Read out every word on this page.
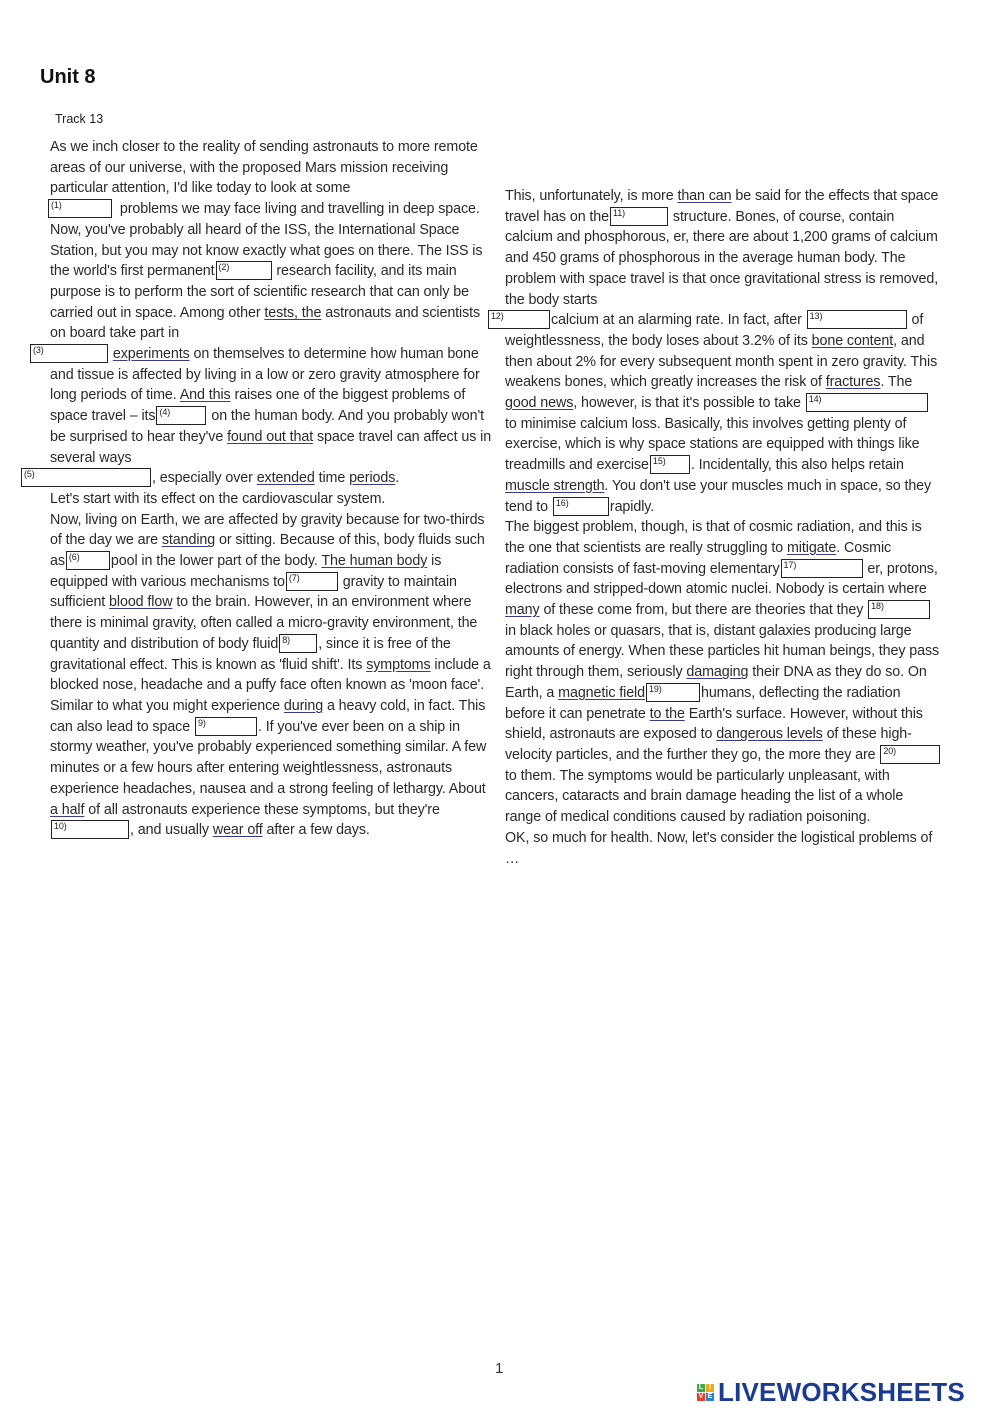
Unit 8
Track 13

As we inch closer to the reality of sending astronauts to more remote areas of our universe, with the proposed Mars mission receiving particular attention, I'd like today to look at some

(1)	problems we may face living and travelling in deep space.

Now, you've probably all heard of the ISS, the International Space Station, but you may not know exactly what goes on there. The ISS is the world's first permanent (2)	research facility, and its main purpose is to perform the sort of scientific research that can only be carried out in space. Among other tests, the astronauts and scientists on board take part in

(3)	experiments on themselves to determine how human bone and tissue is affected by living in a low or zero gravity atmosphere for long periods of time. And this raises one of the biggest problems of space travel – its (4)	on the human body. And you probably won't be surprised to hear they've found out that space travel can affect us in several ways

(5)	, especially over extended time periods.

Let's start with its effect on the cardiovascular system.

Now, living on Earth, we are affected by gravity because for two-thirds of the day we are standing or sitting. Because of this, body fluids such as (6) pool in the lower part of the body. The human body is equipped with various mechanisms to (7)	gravity to maintain sufficient blood flow to the brain. However, in an environment where there is minimal gravity, often called a micro-gravity environment, the quantity and distribution of body fluid 8) , since it is free of the gravitational effect. This is known as 'fluid shift'. Its symptoms include a blocked nose, headache and a puffy face often known as 'moon face'. Similar to what you might experience during a heavy cold, in fact. This can also lead to space 9)	. If you've ever been on a ship in stormy weather, you've probably experienced something similar. A few minutes or a few hours after entering weightlessness, astronauts experience headaches, nausea and a strong feeling of lethargy. About a half of all astronauts experience these symptoms, but they're
10)	, and usually wear off after a few days.

This, unfortunately, is more than can be said for the effects that space travel has on the 11)	structure. Bones, of course, contain calcium and phosphorous, er, there are about 1,200 grams of calcium and 450 grams of phosphorous in the average human body. The problem with space travel is that once gravitational stress is removed, the body starts

12)	calcium at an alarming rate. In fact, after 13)	of weightlessness, the body loses about 3.2% of its bone content, and then about 2% for every subsequent month spent in zero gravity. This weakens bones, which greatly increases the risk of fractures. The good news, however, is that it's possible to take 14)
to minimise calcium loss. Basically, this involves getting plenty of exercise, which is why space stations are equipped with things like treadmills and exercise 15) . Incidentally, this also helps retain muscle strength. You don't use your muscles much in space, so they tend to 16)	rapidly.

The biggest problem, though, is that of cosmic radiation, and this is the one that scientists are really struggling to mitigate. Cosmic radiation consists of fast-moving elementary 17)	er, protons, electrons and stripped-down atomic nuclei. Nobody is certain where many of these come from, but there are theories that they 18)
in black holes or quasars, that is, distant galaxies producing large amounts of energy. When these particles hit human beings, they pass right through them, seriously damaging their DNA as they do so. On Earth, a magnetic field 19)	humans, deflecting the radiation before it can penetrate to the Earth's surface. However, without this shield, astronauts are exposed to dangerous levels of these high-velocity particles, and the further they go, the more they are 20)
to them. The symptoms would be particularly unpleasant, with cancers, cataracts and brain damage heading the list of a whole range of medical conditions caused by radiation poisoning.

OK, so much for health. Now, let's consider the logistical problems of …

1
L I
V E LIVEWORKSHEETS
